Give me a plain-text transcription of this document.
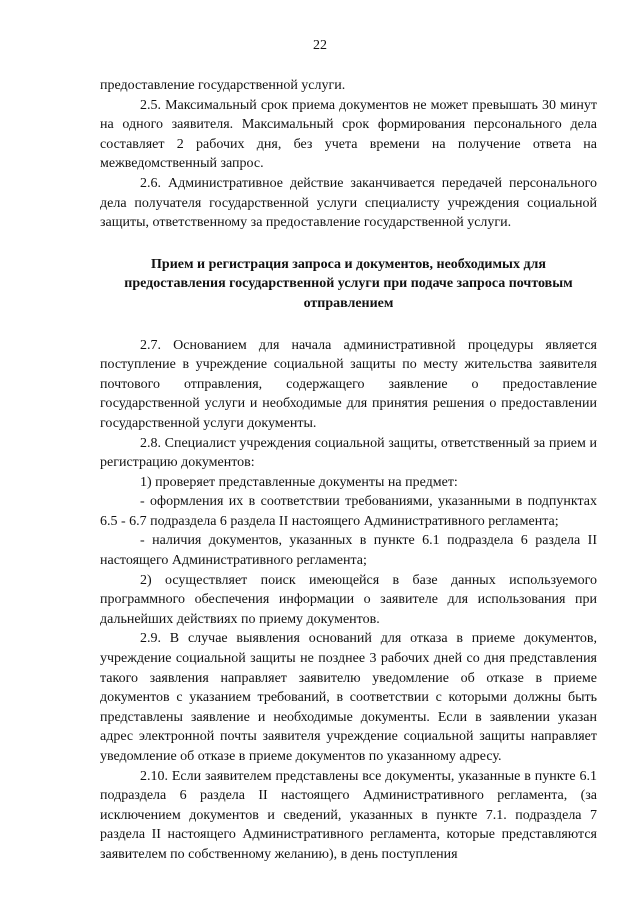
22

предоставление государственной услуги.

2.5. Максимальный срок приема документов не может превышать 30 минут на одного заявителя. Максимальный срок формирования персонального дела составляет 2 рабочих дня, без учета времени на получение ответа на межведомственный запрос.

2.6. Административное действие заканчивается передачей персонального дела получателя государственной услуги специалисту учреждения социальной защиты, ответственному за предоставление государственной услуги.

Прием и регистрация запроса и документов, необходимых для предоставления государственной услуги при подаче запроса почтовым отправлением

2.7. Основанием для начала административной процедуры является поступление в учреждение социальной защиты по месту жительства заявителя почтового отправления, содержащего заявление о предоставление государственной услуги и необходимые для принятия решения о предоставлении государственной услуги документы.

2.8. Специалист учреждения социальной защиты, ответственный за прием и регистрацию документов:

1) проверяет представленные документы на предмет:

- оформления их в соответствии требованиями, указанными в подпунктах 6.5 - 6.7 подраздела 6 раздела II настоящего Административного регламента;

- наличия документов, указанных в пункте 6.1 подраздела 6 раздела II настоящего Административного регламента;

2) осуществляет поиск имеющейся в базе данных используемого программного обеспечения информации о заявителе для использования при дальнейших действиях по приему документов.

2.9. В случае выявления оснований для отказа в приеме документов, учреждение социальной защиты не позднее 3 рабочих дней со дня представления такого заявления направляет заявителю уведомление об отказе в приеме документов с указанием требований, в соответствии с которыми должны быть представлены заявление и необходимые документы. Если в заявлении указан адрес электронной почты заявителя учреждение социальной защиты направляет уведомление об отказе в приеме документов по указанному адресу.

2.10. Если заявителем представлены все документы, указанные в пункте 6.1 подраздела 6 раздела II настоящего Административного регламента, (за исключением документов и сведений, указанных в пункте 7.1. подраздела 7 раздела II настоящего Административного регламента, которые представляются заявителем по собственному желанию), в день поступления
